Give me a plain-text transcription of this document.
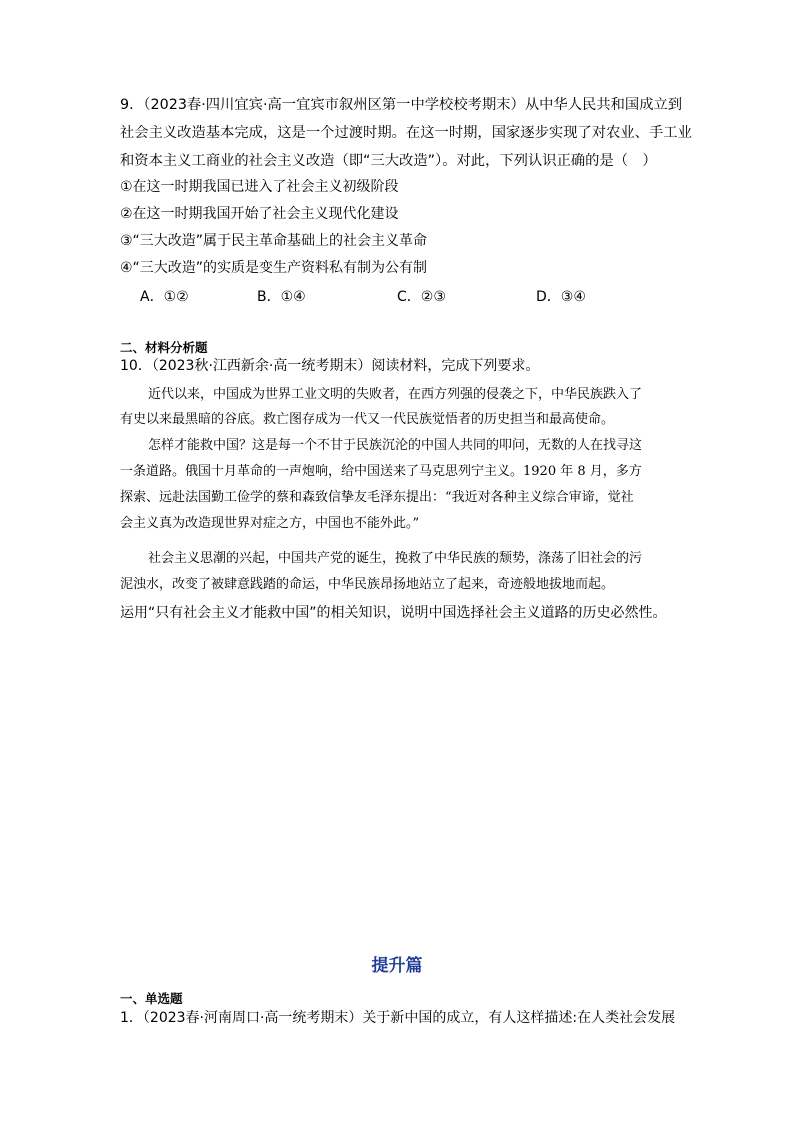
9．（2023春·四川宜宾·高一宜宾市叙州区第一中学校校考期末）从中华人民共和国成立到
社会主义改造基本完成，这是一个过渡时期。在这一时期，国家逐步实现了对农业、手工业
和资本主义工商业的社会主义改造（即“三大改造”）。对此，下列认识正确的是（　）
①在这一时期我国已进入了社会主义初级阶段
②在这一时期我国开始了社会主义现代化建设
③“三大改造”属于民主革命基础上的社会主义革命
④“三大改造”的实质是变生产资料私有制为公有制
A．①②	B．①④	C．②③	D．③④
二、材料分析题
10．（2023秋·江西新余·高一统考期末）阅读材料，完成下列要求。
近代以来，中国成为世界工业文明的失败者，在西方列强的侵袭之下，中华民族跌入了
有史以来最黑暗的谷底。救亡图存成为一代又一代民族觉悟者的历史担当和最高使命。
怎样才能救中国？这是每一个不甘于民族沉沦的中国人共同的叩问，无数的人在找寻这
一条道路。俄国十月革命的一声炮响，给中国送来了马克思列宁主义。1920 年 8 月，多方
探索、远赴法国勤工俭学的蔡和森致信挚友毛泽东提出：“我近对各种主义综合审谛，觉社
会主义真为改造现世界对症之方，中国也不能外此。”
社会主义思潮的兴起，中国共产党的诞生，挽救了中华民族的颓势，涤荡了旧社会的污
泥浊水，改变了被肆意践踏的命运，中华民族昂扬地站立了起来，奇迹般地拔地而起。
运用“只有社会主义才能救中国”的相关知识，说明中国选择社会主义道路的历史必然性。
提升篇
一、单选题
1．（2023春·河南周口·高一统考期末）关于新中国的成立，有人这样描述:在人类社会发展
